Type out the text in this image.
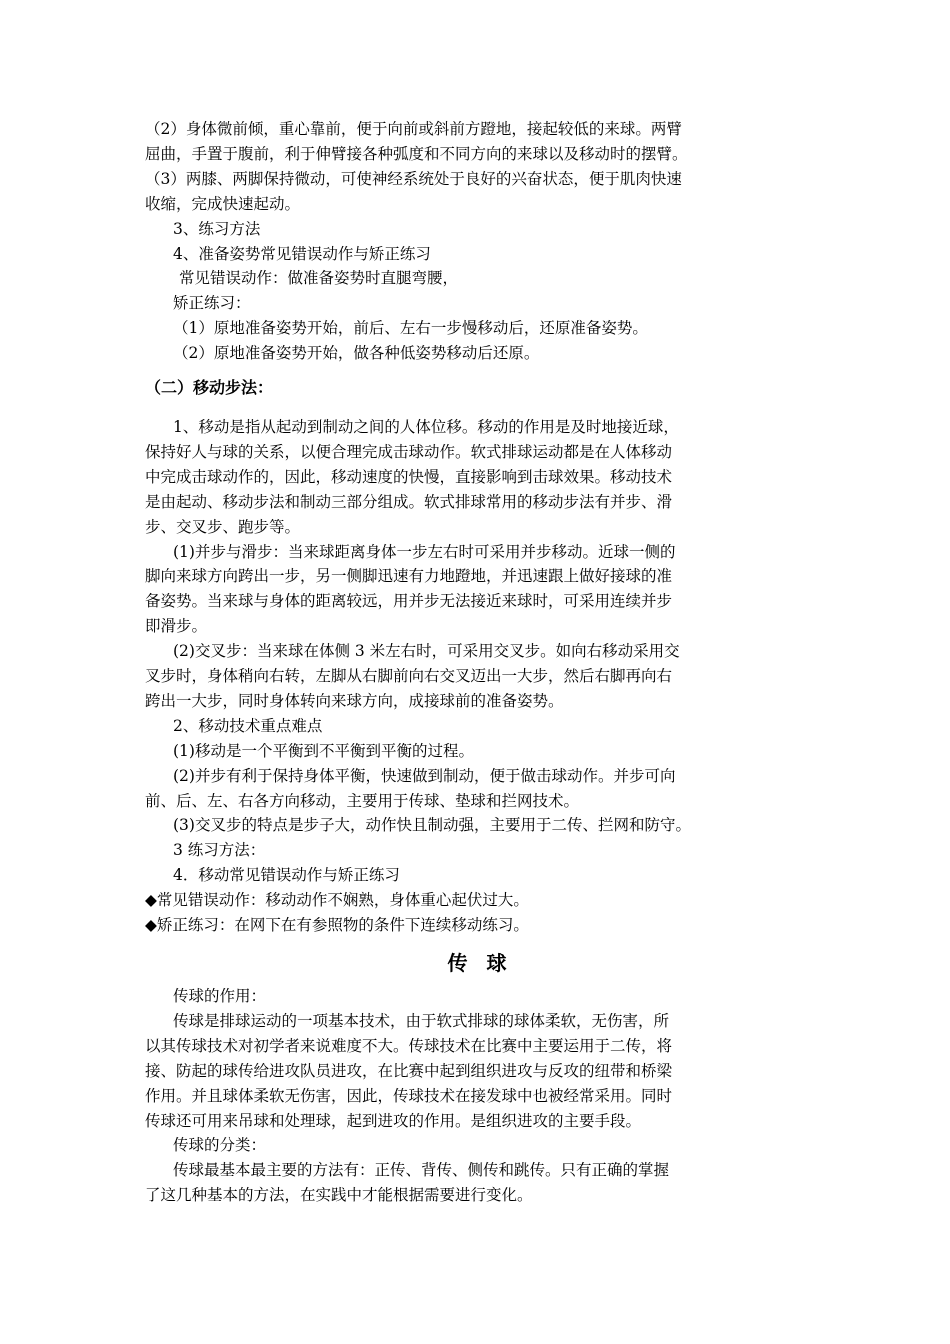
（2）身体微前倾，重心靠前，便于向前或斜前方蹬地，接起较低的来球。两臂

屈曲，手置于腹前，利于伸臂接各种弧度和不同方向的来球以及移动时的摆臂。

（3）两膝、两脚保持微动，可使神经系统处于良好的兴奋状态，便于肌肉快速

收缩，完成快速起动。

3、练习方法

4、准备姿势常见错误动作与矫正练习

常见错误动作：做准备姿势时直腿弯腰，

矫正练习：

（1）原地准备姿势开始，前后、左右一步慢移动后，还原准备姿势。

（2）原地准备姿势开始，做各种低姿势移动后还原。

（二）移动步法：

1、移动是指从起动到制动之间的人体位移。移动的作用是及时地接近球，

保持好人与球的关系，以便合理完成击球动作。软式排球运动都是在人体移动

中完成击球动作的，因此，移动速度的快慢，直接影响到击球效果。移动技术

是由起动、移动步法和制动三部分组成。软式排球常用的移动步法有并步、滑

步、交叉步、跑步等。

(1)并步与滑步：当来球距离身体一步左右时可采用并步移动。近球一侧的

脚向来球方向跨出一步，另一侧脚迅速有力地蹬地，并迅速跟上做好接球的准

备姿势。当来球与身体的距离较远，用并步无法接近来球时，可采用连续并步

即滑步。

(2)交叉步：当来球在体侧 3 米左右时，可采用交叉步。如向右移动采用交

叉步时，身体稍向右转，左脚从右脚前向右交叉迈出一大步，然后右脚再向右

跨出一大步，同时身体转向来球方向，成接球前的准备姿势。

2、移动技术重点难点

(1)移动是一个平衡到不平衡到平衡的过程。

(2)并步有利于保持身体平衡，快速做到制动，便于做击球动作。并步可向

前、后、左、右各方向移动，主要用于传球、垫球和拦网技术。

(3)交叉步的特点是步子大，动作快且制动强，主要用于二传、拦网和防守。

3 练习方法：

4．移动常见错误动作与矫正练习

◆常见错误动作：移动动作不娴熟，身体重心起伏过大。

◆矫正练习：在网下在有参照物的条件下连续移动练习。

传 球

传球的作用：

传球是排球运动的一项基本技术，由于软式排球的球体柔软，无伤害，所

以其传球技术对初学者来说难度不大。传球技术在比赛中主要运用于二传，将

接、防起的球传给进攻队员进攻，在比赛中起到组织进攻与反攻的纽带和桥梁

作用。并且球体柔软无伤害，因此，传球技术在接发球中也被经常采用。同时

传球还可用来吊球和处理球，起到进攻的作用。是组织进攻的主要手段。

传球的分类：

传球最基本最主要的方法有：正传、背传、侧传和跳传。只有正确的掌握

了这几种基本的方法，在实践中才能根据需要进行变化。
